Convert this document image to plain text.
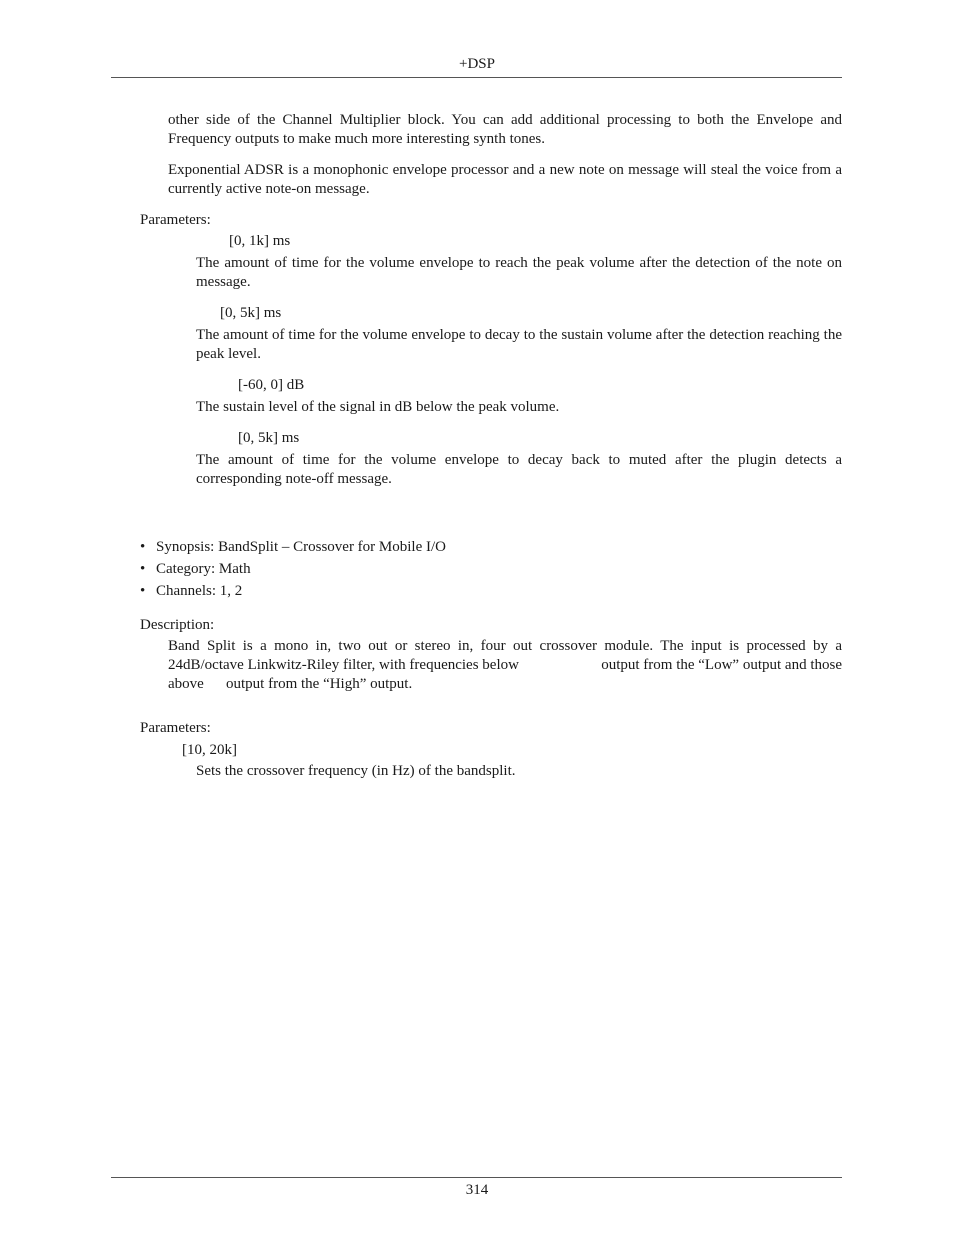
+DSP
other side of the Channel Multiplier block. You can add additional processing to both the Envelope and Frequency outputs to make much more interesting synth tones.
Exponential ADSR is a monophonic envelope processor and a new note on message will steal the voice from a currently active note-on message.
Parameters:
[0, 1k] ms
The amount of time for the volume envelope to reach the peak volume after the detection of the note on message.
[0, 5k] ms
The amount of time for the volume envelope to decay to the sustain volume after the detection reaching the peak level.
[-60, 0] dB
The sustain level of the signal in dB below the peak volume.
[0, 5k] ms
The amount of time for the volume envelope to decay back to muted after the plugin detects a corresponding note-off message.
• Synopsis: BandSplit – Crossover for Mobile I/O
• Category: Math
• Channels: 1, 2
Description:
Band Split is a mono in, two out or stereo in, four out crossover module. The input is processed by a
24dB/octave Linkwitz-Riley filter, with frequencies below	output from the “Low” output and those
above output from the “High” output.
Parameters:
[10, 20k]
Sets the crossover frequency (in Hz) of the bandsplit.
314
